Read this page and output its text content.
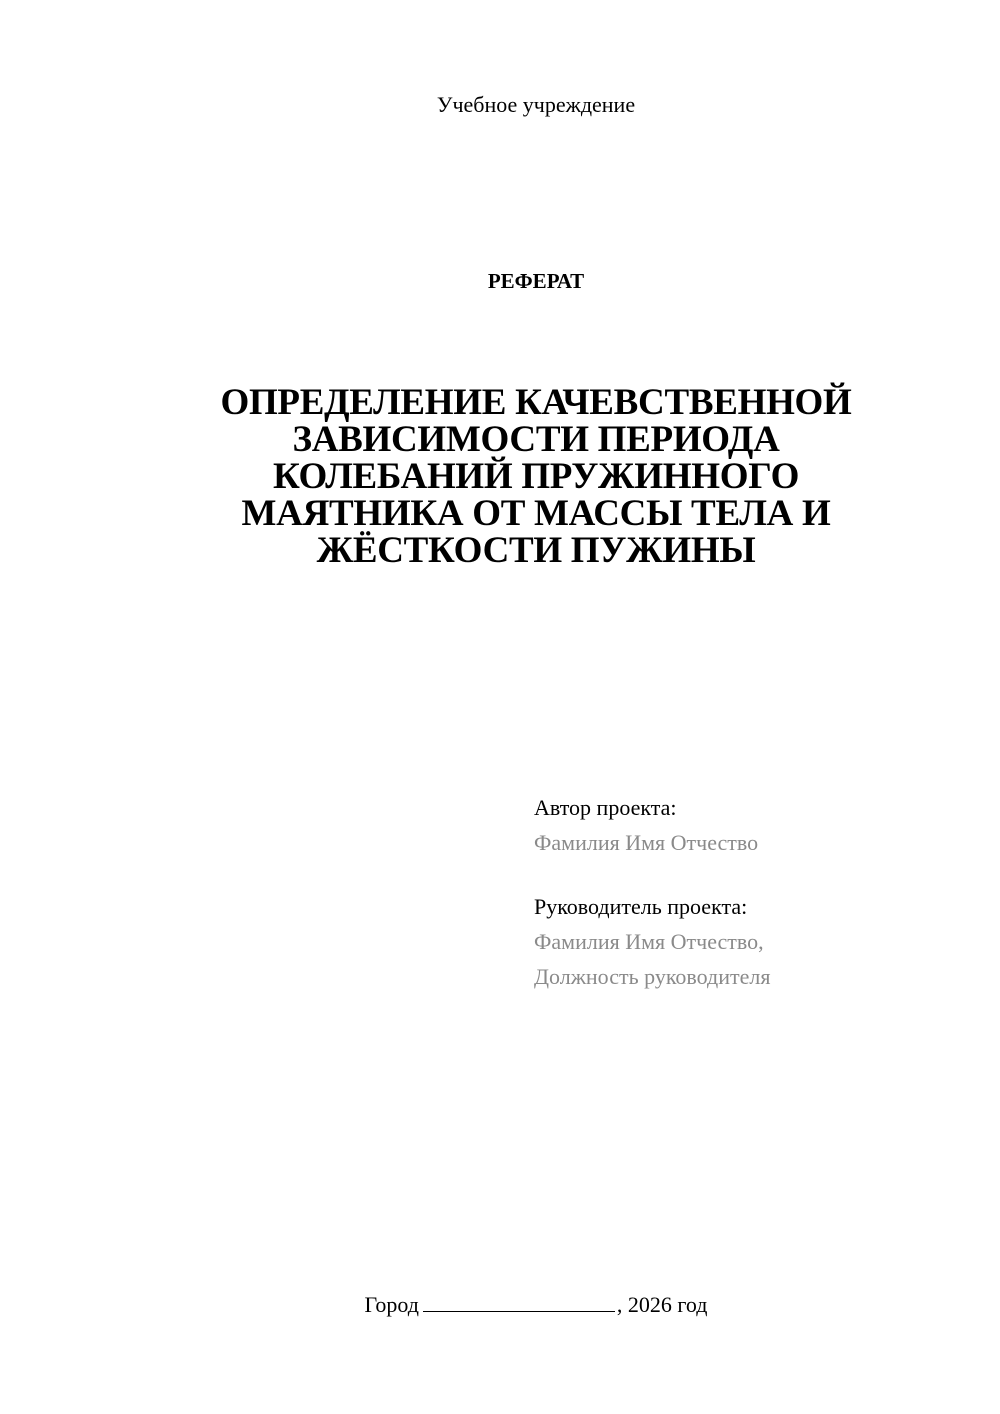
Учебное учреждение
РЕФЕРАТ
ОПРЕДЕЛЕНИЕ КАЧЕВСТВЕННОЙ
ЗАВИСИМОСТИ ПЕРИОДА
КОЛЕБАНИЙ ПРУЖИННОГО
МАЯТНИКА ОТ МАССЫ ТЕЛА И
ЖЁСТКОСТИ ПУЖИНЫ
Автор проекта:
Фамилия Имя Отчество
Руководитель проекта:
Фамилия Имя Отчество,
Должность руководителя
Город	, 2026 год
